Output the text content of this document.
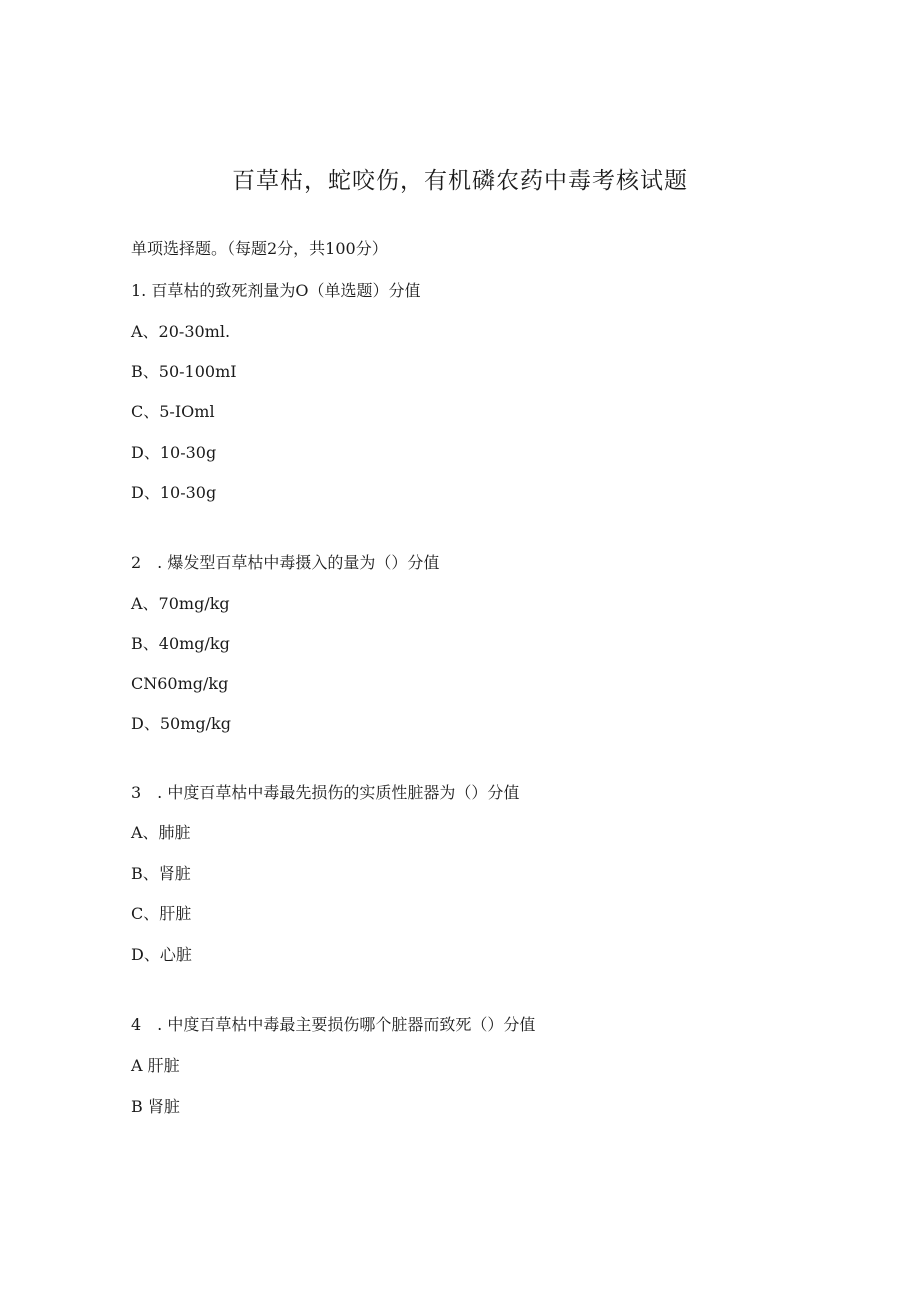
百草枯，蛇咬伤，有机磷农药中毒考核试题
单项选择题。（每题2分，共100分）
1. 百草枯的致死剂量为O（单选题）分值
A、20-30ml.
B、50-100mI
C、5-IOml
D、10-30g
D、10-30g
2　. 爆发型百草枯中毒摄入的量为（）分值
A、70mg/kg
B、40mg/kg
CN60mg/kg
D、50mg/kg
3　. 中度百草枯中毒最先损伤的实质性脏器为（）分值
A、肺脏
B、肾脏
C、肝脏
D、心脏
4　. 中度百草枯中毒最主要损伤哪个脏器而致死（）分值
A 肝脏
B 肾脏
